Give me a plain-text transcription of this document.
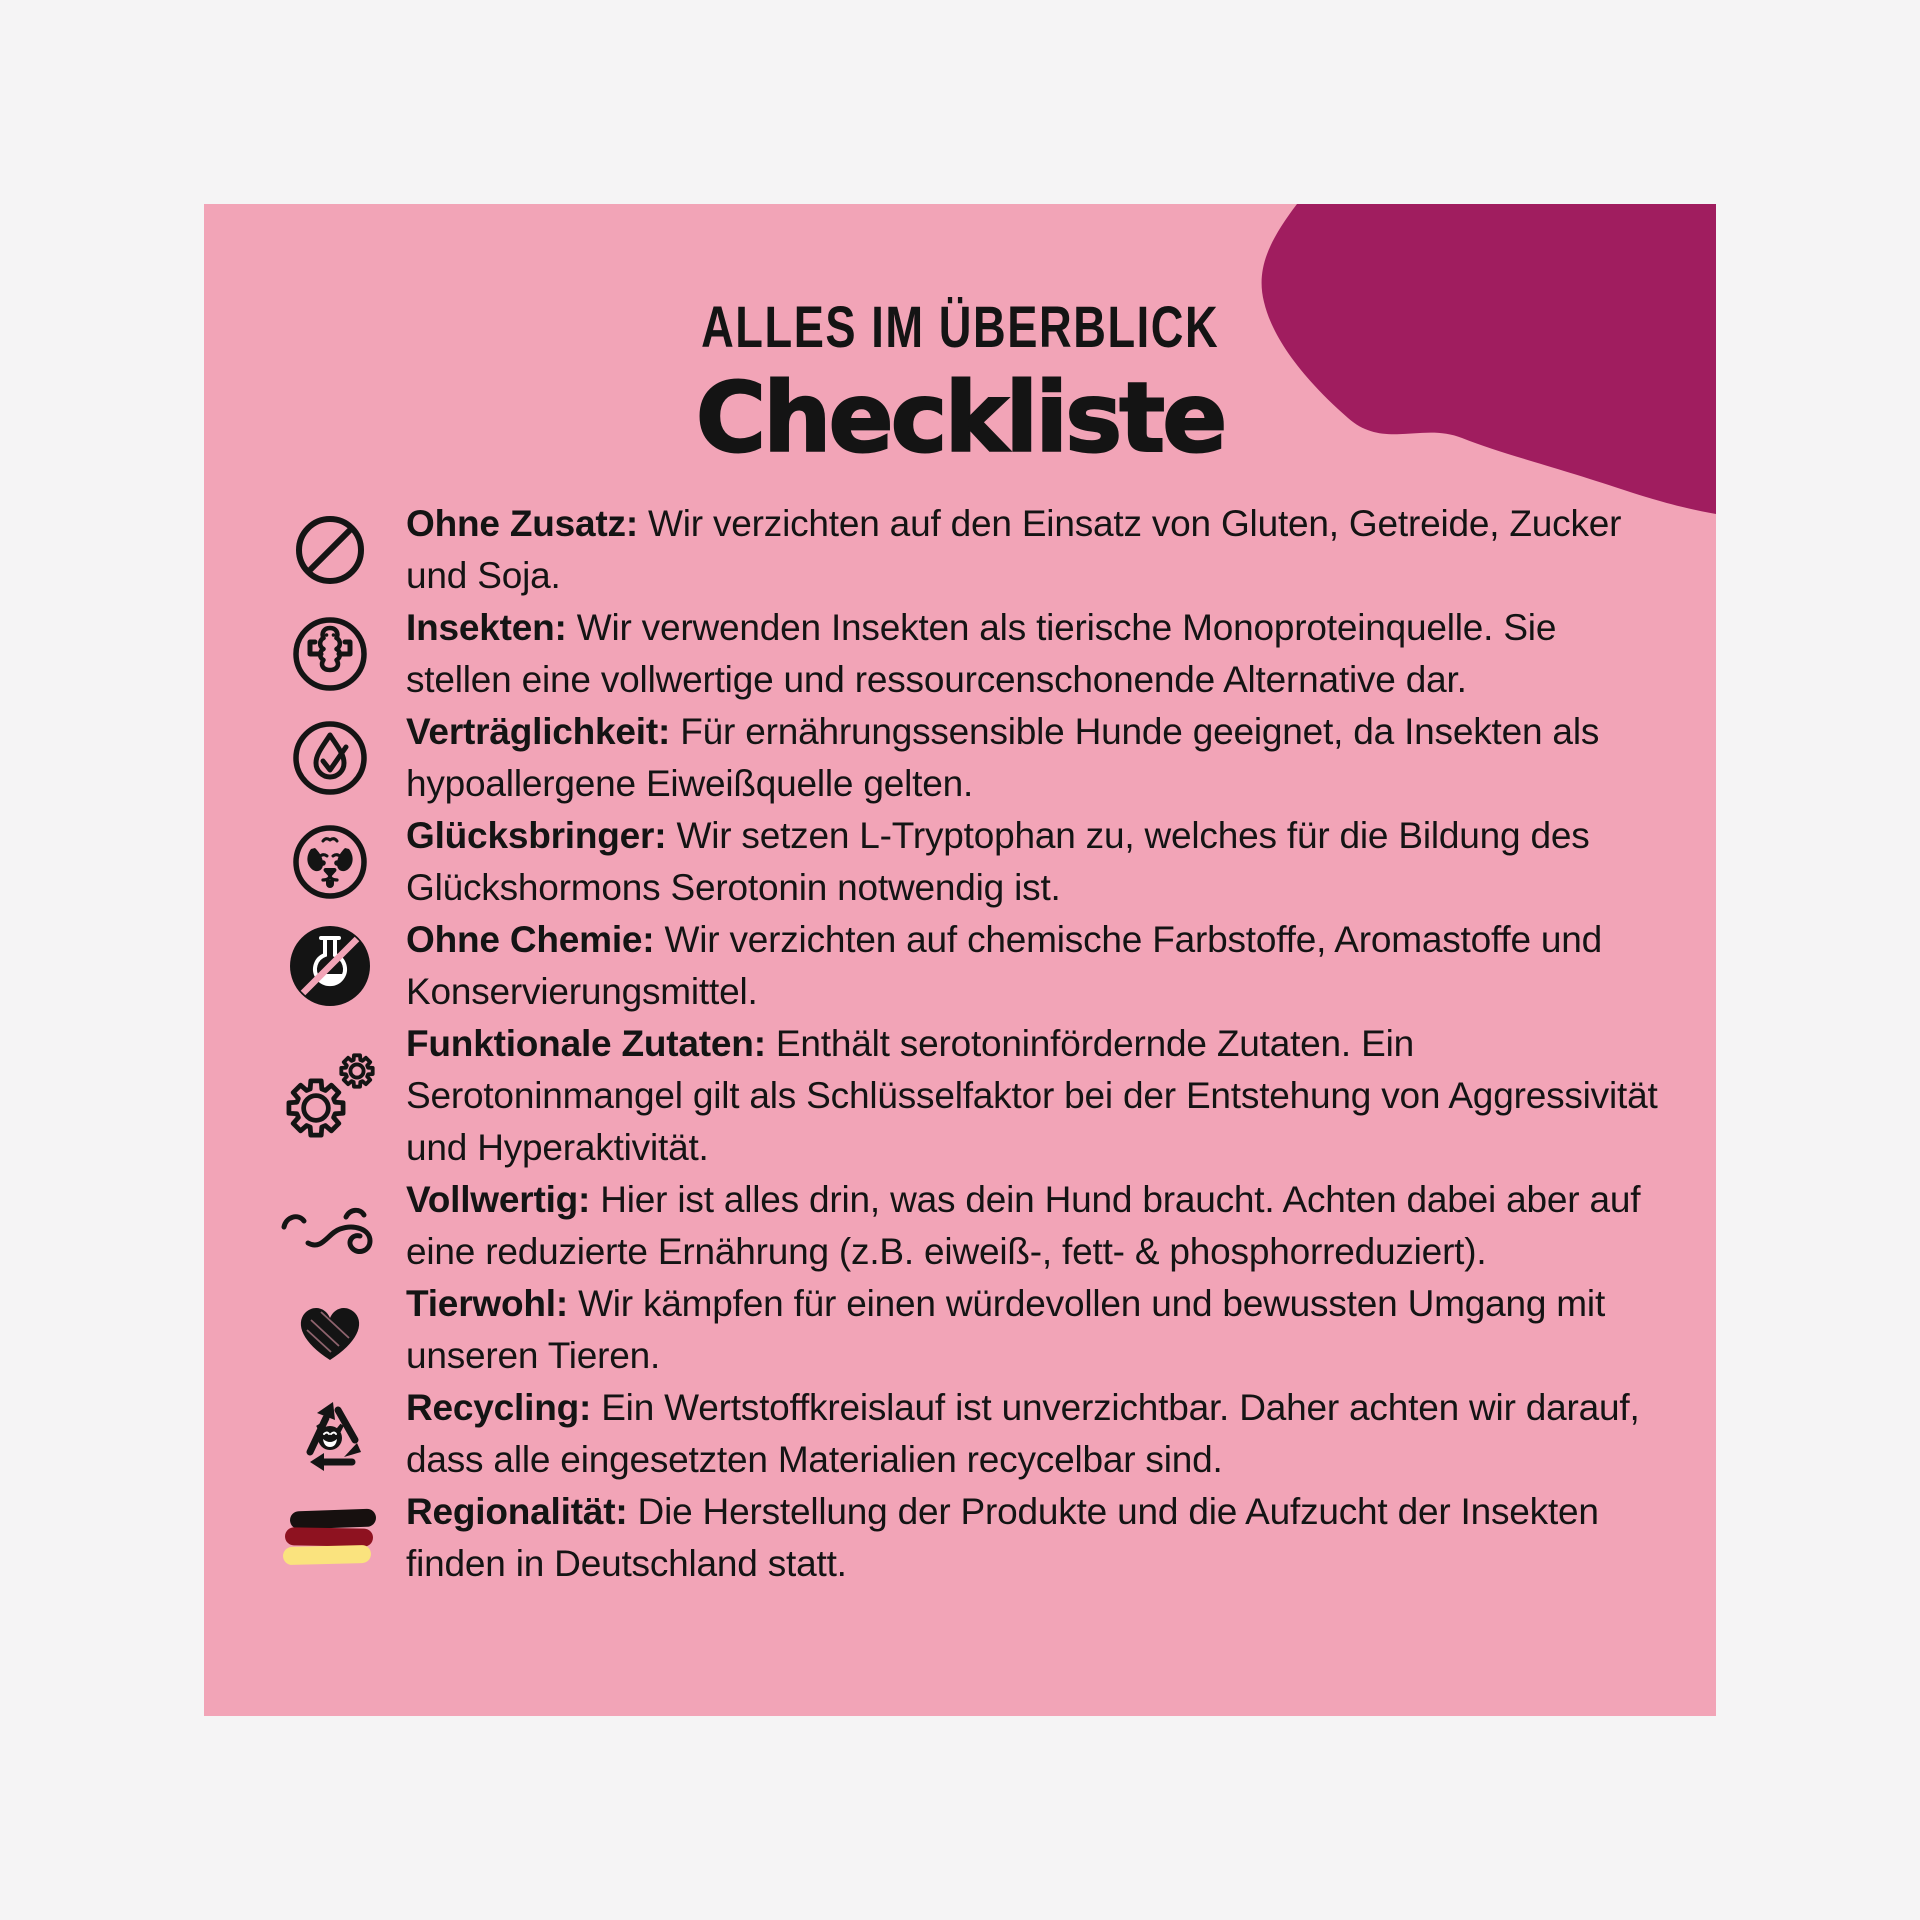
ALLES IM ÜBERBLICK
Checkliste
Ohne Zusatz: Wir verzichten auf den Einsatz von Gluten, Getreide, Zucker und Soja.
Insekten: Wir verwenden Insekten als tierische Monoproteinquelle. Sie stellen eine vollwertige und ressourcenschonende Alternative dar.
Verträglichkeit: Für ernährungssensible Hunde geeignet, da Insekten als hypoallergene Eiweißquelle gelten.
Glücksbringer: Wir setzen L-Tryptophan zu, welches für die Bildung des Glückshormons Serotonin notwendig ist.
Ohne Chemie: Wir verzichten auf chemische Farbstoffe, Aromastoffe und Konservierungsmittel.
Funktionale Zutaten: Enthält serotoninfördernde Zutaten. Ein Serotoninmangel gilt als Schlüsselfaktor bei der Entstehung von Aggressivität und Hyperaktivität.
Vollwertig: Hier ist alles drin, was dein Hund braucht. Achten dabei aber auf eine reduzierte Ernährung (z.B. eiweiß-, fett- & phosphorreduziert).
Tierwohl: Wir kämpfen für einen würdevollen und bewussten Umgang mit unseren Tieren.
Recycling: Ein Wertstoffkreislauf ist unverzichtbar. Daher achten wir darauf, dass alle eingesetzten Materialien recycelbar sind.
Regionalität: Die Herstellung der Produkte und die Aufzucht der Insekten finden in Deutschland statt.
